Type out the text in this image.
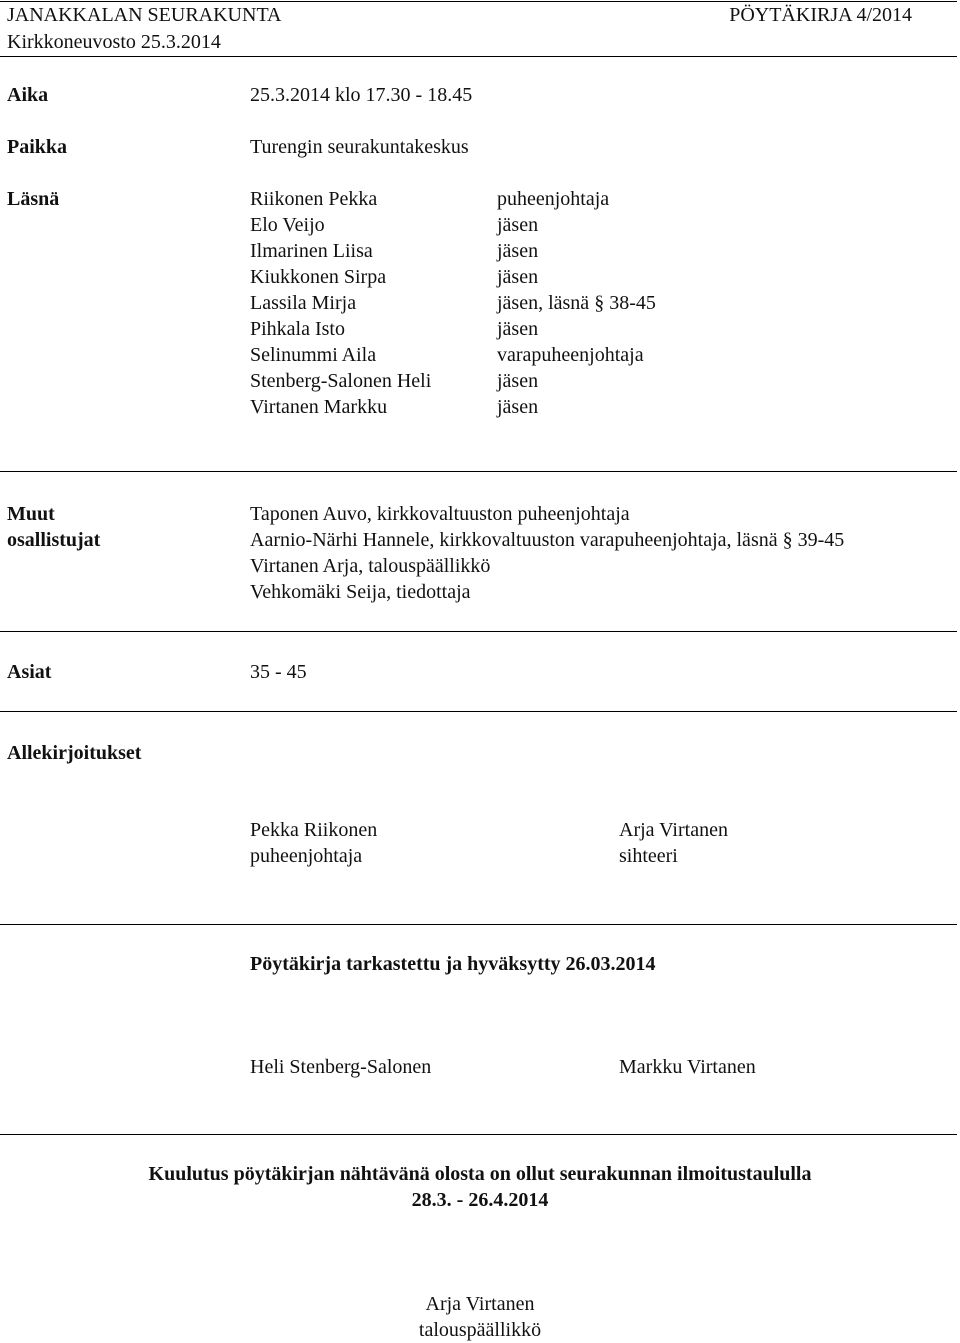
JANAKKALAN SEURAKUNTA	PÖYTÄKIRJA 4/2014
Kirkkoneuvosto 25.3.2014
Aika	25.3.2014 klo 17.30 - 18.45
Paikka	Turengin seurakuntakeskus
Läsnä	Riikonen Pekka	puheenjohtaja
Elo Veijo	jäsen
Ilmarinen Liisa	jäsen
Kiukkonen Sirpa	jäsen
Lassila Mirja	jäsen, läsnä § 38-45
Pihkala Isto	jäsen
Selinummi Aila	varapuheenjohtaja
Stenberg-Salonen Heli	jäsen
Virtanen Markku	jäsen
Muut
osallistujat
Taponen Auvo, kirkkovaltuuston puheenjohtaja
Aarnio-Närhi Hannele, kirkkovaltuuston varapuheenjohtaja, läsnä § 39-45
Virtanen Arja, talouspäällikkö
Vehkomäki Seija, tiedottaja
Asiat	35 - 45
Allekirjoitukset
Pekka Riikonen
puheenjohtaja
Arja Virtanen
sihteeri
Pöytäkirja tarkastettu ja hyväksytty 26.03.2014
Heli Stenberg-Salonen	Markku Virtanen
Kuulutus pöytäkirjan nähtävänä olosta on ollut seurakunnan ilmoitustaululla
28.3. - 26.4.2014
Arja Virtanen
talouspäällikkö
